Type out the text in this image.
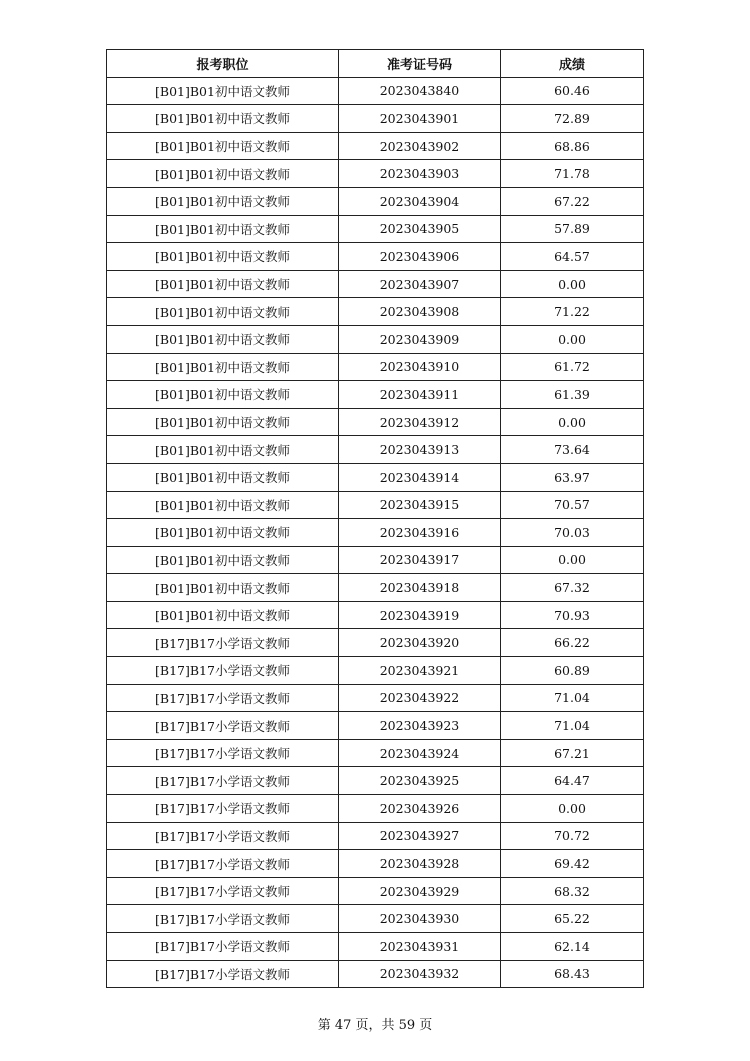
报考职位	准考证号码	成绩
[B01]B01初中语文教师	2023043840	60.46
[B01]B01初中语文教师	2023043901	72.89
[B01]B01初中语文教师	2023043902	68.86
[B01]B01初中语文教师	2023043903	71.78
[B01]B01初中语文教师	2023043904	67.22
[B01]B01初中语文教师	2023043905	57.89
[B01]B01初中语文教师	2023043906	64.57
[B01]B01初中语文教师	2023043907	0.00
[B01]B01初中语文教师	2023043908	71.22
[B01]B01初中语文教师	2023043909	0.00
[B01]B01初中语文教师	2023043910	61.72
[B01]B01初中语文教师	2023043911	61.39
[B01]B01初中语文教师	2023043912	0.00
[B01]B01初中语文教师	2023043913	73.64
[B01]B01初中语文教师	2023043914	63.97
[B01]B01初中语文教师	2023043915	70.57
[B01]B01初中语文教师	2023043916	70.03
[B01]B01初中语文教师	2023043917	0.00
[B01]B01初中语文教师	2023043918	67.32
[B01]B01初中语文教师	2023043919	70.93
[B17]B17小学语文教师	2023043920	66.22
[B17]B17小学语文教师	2023043921	60.89
[B17]B17小学语文教师	2023043922	71.04
[B17]B17小学语文教师	2023043923	71.04
[B17]B17小学语文教师	2023043924	67.21
[B17]B17小学语文教师	2023043925	64.47
[B17]B17小学语文教师	2023043926	0.00
[B17]B17小学语文教师	2023043927	70.72
[B17]B17小学语文教师	2023043928	69.42
[B17]B17小学语文教师	2023043929	68.32
[B17]B17小学语文教师	2023043930	65.22
[B17]B17小学语文教师	2023043931	62.14
[B17]B17小学语文教师	2023043932	68.43
第 47 页，共 59 页
